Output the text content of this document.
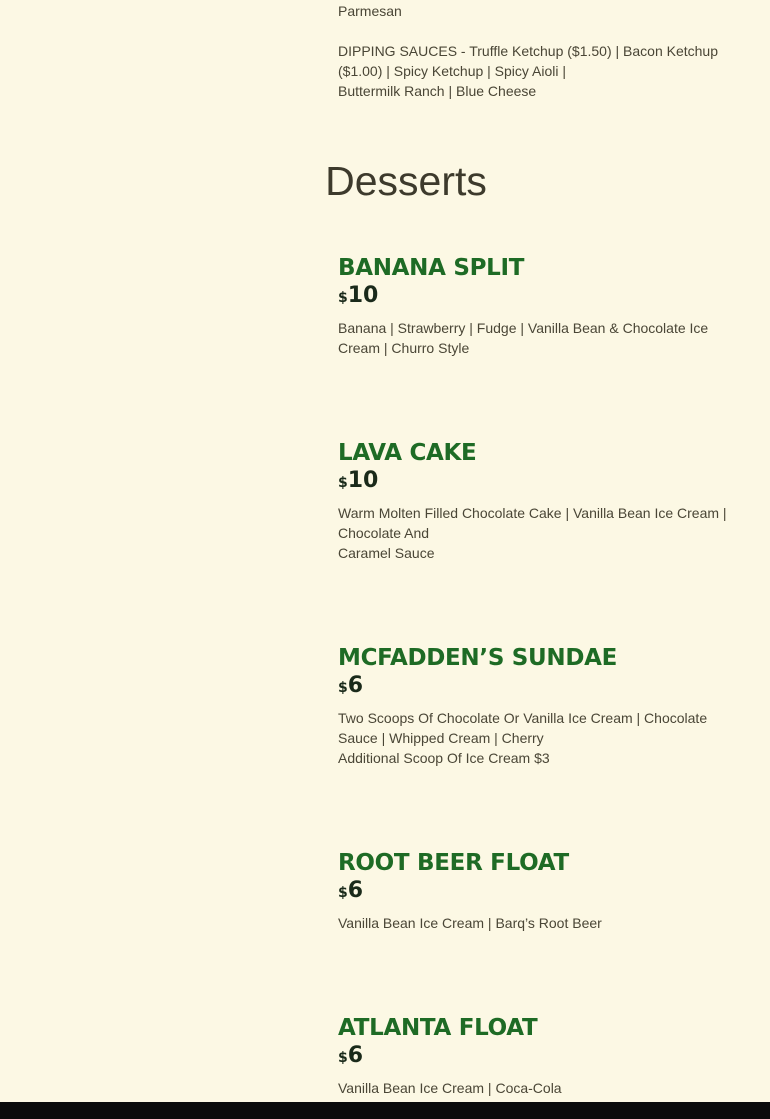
Parmesan

DIPPING SAUCES - Truffle Ketchup ($1.50) | Bacon Ketchup
($1.00) | Spicy Ketchup | Spicy Aioli |
Buttermilk Ranch | Blue Cheese

Desserts
BANANA SPLIT
$10

Banana | Strawberry | Fudge | Vanilla Bean & Chocolate Ice Cream | Churro Style

LAVA CAKE
$10

Warm Molten Filled Chocolate Cake | Vanilla Bean Ice Cream | Chocolate And

Caramel Sauce

MCFADDEN’S SUNDAE
$6

Two Scoops Of Chocolate Or Vanilla Ice Cream | Chocolate Sauce | Whipped Cream | Cherry

Additional Scoop Of Ice Cream $3

ROOT BEER FLOAT
$6

Vanilla Bean Ice Cream | Barq’s Root Beer

ATLANTA FLOAT
$6

Vanilla Bean Ice Cream | Coca-Cola
